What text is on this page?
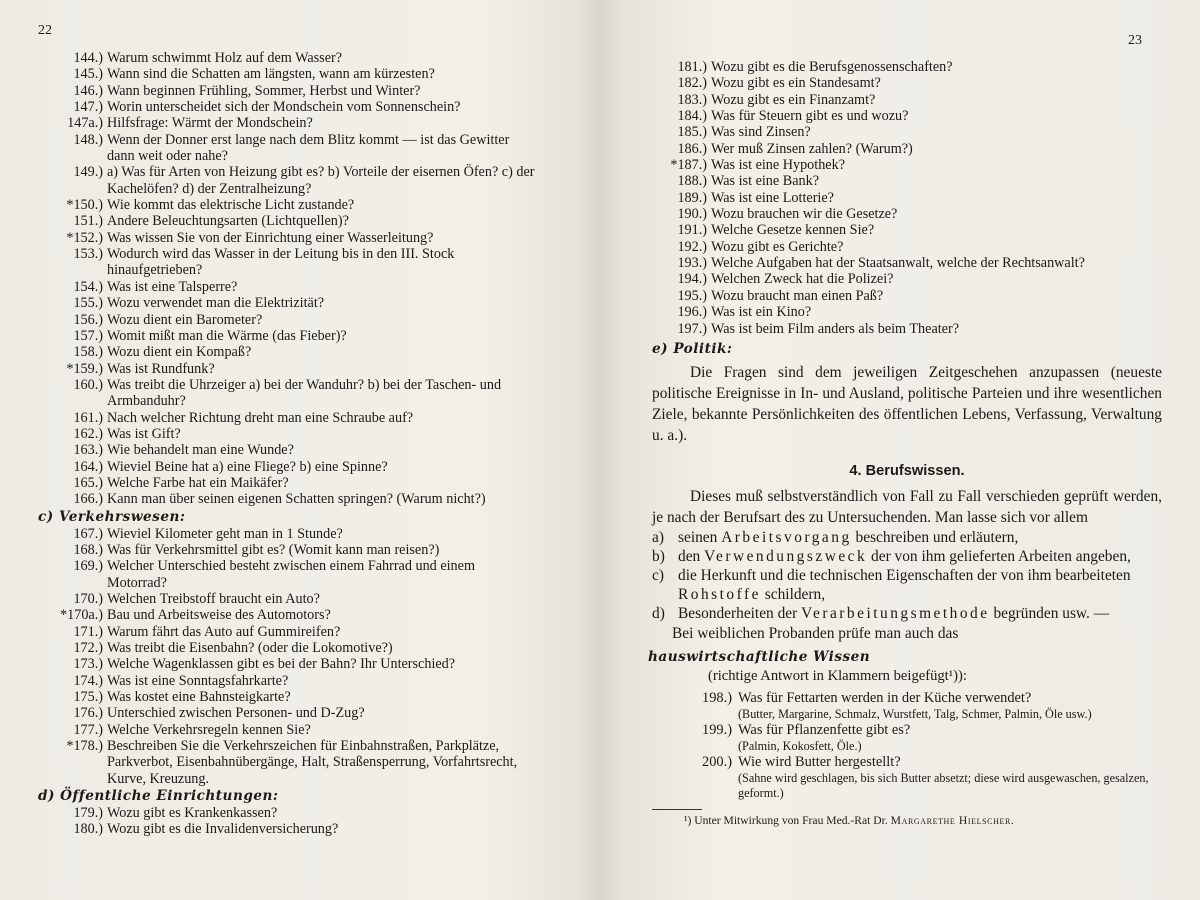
22
144.) Warum schwimmt Holz auf dem Wasser?
145.) Wann sind die Schatten am längsten, wann am kürzesten?
146.) Wann beginnen Frühling, Sommer, Herbst und Winter?
147.) Worin unterscheidet sich der Mondschein vom Sonnenschein?
147a.) Hilfsfrage: Wärmt der Mondschein?
148.) Wenn der Donner erst lange nach dem Blitz kommt — ist das Gewitter dann weit oder nahe?
149.) a) Was für Arten von Heizung gibt es? b) Vorteile der eisernen Öfen? c) der Kachelöfen? d) der Zentralheizung?
*150.) Wie kommt das elektrische Licht zustande?
151.) Andere Beleuchtungsarten (Lichtquellen)?
*152.) Was wissen Sie von der Einrichtung einer Wasserleitung?
153.) Wodurch wird das Wasser in der Leitung bis in den III. Stock hinaufgetrieben?
154.) Was ist eine Talsperre?
155.) Wozu verwendet man die Elektrizität?
156.) Wozu dient ein Barometer?
157.) Womit mißt man die Wärme (das Fieber)?
158.) Wozu dient ein Kompaß?
*159.) Was ist Rundfunk?
160.) Was treibt die Uhrzeiger a) bei der Wanduhr? b) bei der Taschen- und Armbanduhr?
161.) Nach welcher Richtung dreht man eine Schraube auf?
162.) Was ist Gift?
163.) Wie behandelt man eine Wunde?
164.) Wieviel Beine hat a) eine Fliege? b) eine Spinne?
165.) Welche Farbe hat ein Maikäfer?
166.) Kann man über seinen eigenen Schatten springen? (Warum nicht?)
c) Verkehrswesen:
167.) Wieviel Kilometer geht man in 1 Stunde?
168.) Was für Verkehrsmittel gibt es? (Womit kann man reisen?)
169.) Welcher Unterschied besteht zwischen einem Fahrrad und einem Motorrad?
170.) Welchen Treibstoff braucht ein Auto?
*170a.) Bau und Arbeitsweise des Automotors?
171.) Warum fährt das Auto auf Gummireifen?
172.) Was treibt die Eisenbahn? (oder die Lokomotive?)
173.) Welche Wagenklassen gibt es bei der Bahn? Ihr Unterschied?
174.) Was ist eine Sonntagsfahrkarte?
175.) Was kostet eine Bahnsteigkarte?
176.) Unterschied zwischen Personen- und D-Zug?
177.) Welche Verkehrsregeln kennen Sie?
*178.) Beschreiben Sie die Verkehrszeichen für Einbahnstraßen, Parkplätze, Parkverbot, Eisenbahnübergänge, Halt, Straßensperrung, Vorfahrtsrecht, Kurve, Kreuzung.
d) Öffentliche Einrichtungen:
179.) Wozu gibt es Krankenkassen?
180.) Wozu gibt es die Invalidenversicherung?
23
181.) Wozu gibt es die Berufsgenossenschaften?
182.) Wozu gibt es ein Standesamt?
183.) Wozu gibt es ein Finanzamt?
184.) Was für Steuern gibt es und wozu?
185.) Was sind Zinsen?
186.) Wer muß Zinsen zahlen? (Warum?)
*187.) Was ist eine Hypothek?
188.) Was ist eine Bank?
189.) Was ist eine Lotterie?
190.) Wozu brauchen wir die Gesetze?
191.) Welche Gesetze kennen Sie?
192.) Wozu gibt es Gerichte?
193.) Welche Aufgaben hat der Staatsanwalt, welche der Rechtsanwalt?
194.) Welchen Zweck hat die Polizei?
195.) Wozu braucht man einen Paß?
196.) Was ist ein Kino?
197.) Was ist beim Film anders als beim Theater?
e) Politik:
Die Fragen sind dem jeweiligen Zeitgeschehen anzupassen (neueste politische Ereignisse in In- und Ausland, politische Parteien und ihre wesentlichen Ziele, bekannte Persönlichkeiten des öffentlichen Lebens, Verfassung, Verwaltung u. a.).
4. Berufswissen.
Dieses muß selbstverständlich von Fall zu Fall verschieden geprüft werden, je nach der Berufsart des zu Untersuchenden. Man lasse sich vor allem
a) seinen Arbeitsvorgang beschreiben und erläutern,
b) den Verwendungszweck der von ihm gelieferten Arbeiten angeben,
c) die Herkunft und die technischen Eigenschaften der von ihm bearbeiteten Rohstoffe schildern,
d) Besonderheiten der Verarbeitungsmethode begründen usw. —
Bei weiblichen Probanden prüfe man auch das
hauswirtschaftliche Wissen
(richtige Antwort in Klammern beigefügt¹)):
198.) Was für Fettarten werden in der Küche verwendet?
(Butter, Margarine, Schmalz, Wurstfett, Talg, Schmer, Palmin, Öle usw.)
199.) Was für Pflanzenfette gibt es?
(Palmin, Kokosfett, Öle.)
200.) Wie wird Butter hergestellt?
(Sahne wird geschlagen, bis sich Butter absetzt; diese wird ausgewaschen, gesalzen, geformt.)
¹) Unter Mitwirkung von Frau Med.-Rat Dr. Margarethe Hielscher.
